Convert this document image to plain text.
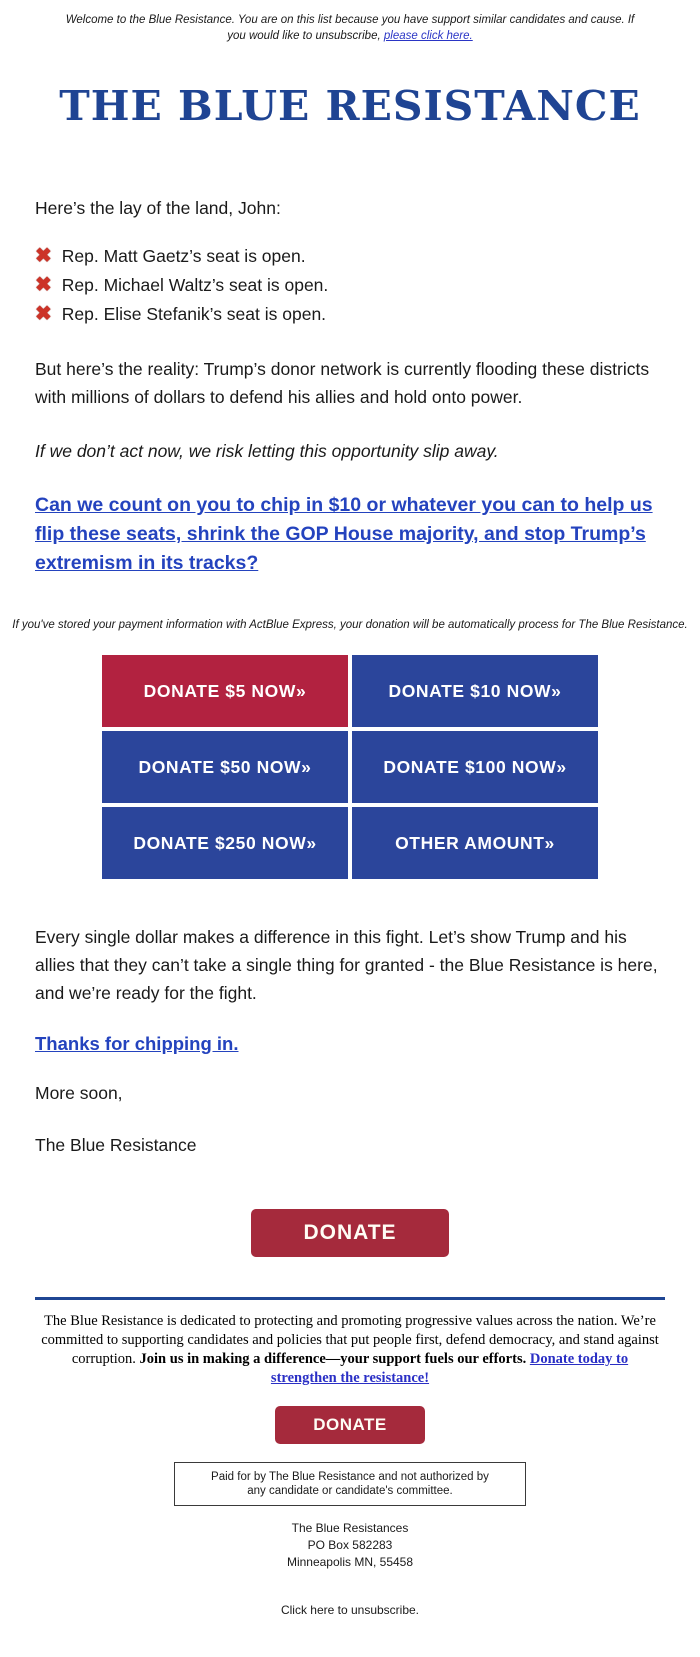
Welcome to the Blue Resistance. You are on this list because you have support similar candidates and cause. If you would like to unsubscribe, please click here.

THE BLUE RESISTANCE

Here’s the lay of the land, John:

✖ Rep. Matt Gaetz’s seat is open.
✖ Rep. Michael Waltz’s seat is open.
✖ Rep. Elise Stefanik’s seat is open.

But here’s the reality: Trump’s donor network is currently flooding these districts with millions of dollars to defend his allies and hold onto power.

If we don’t act now, we risk letting this opportunity slip away.

Can we count on you to chip in $10 or whatever you can to help us flip these seats, shrink the GOP House majority, and stop Trump’s extremism in its tracks?

If you've stored your payment information with ActBlue Express, your donation will be automatically process for The Blue Resistance.

DONATE $5 NOW»	DONATE $10 NOW»
DONATE $50 NOW»	DONATE $100 NOW»
DONATE $250 NOW»	OTHER AMOUNT»

Every single dollar makes a difference in this fight. Let’s show Trump and his allies that they can’t take a single thing for granted - the Blue Resistance is here, and we’re ready for the fight.

Thanks for chipping in.

More soon,

The Blue Resistance

DONATE

The Blue Resistance is dedicated to protecting and promoting progressive values across the nation. We’re committed to supporting candidates and policies that put people first, defend democracy, and stand against corruption. Join us in making a difference—your support fuels our efforts. Donate today to strengthen the resistance!

DONATE
Paid for by The Blue Resistance and not authorized by
any candidate or candidate's committee.
The Blue Resistances
PO Box 582283
Minneapolis MN, 55458
Click here to unsubscribe.
